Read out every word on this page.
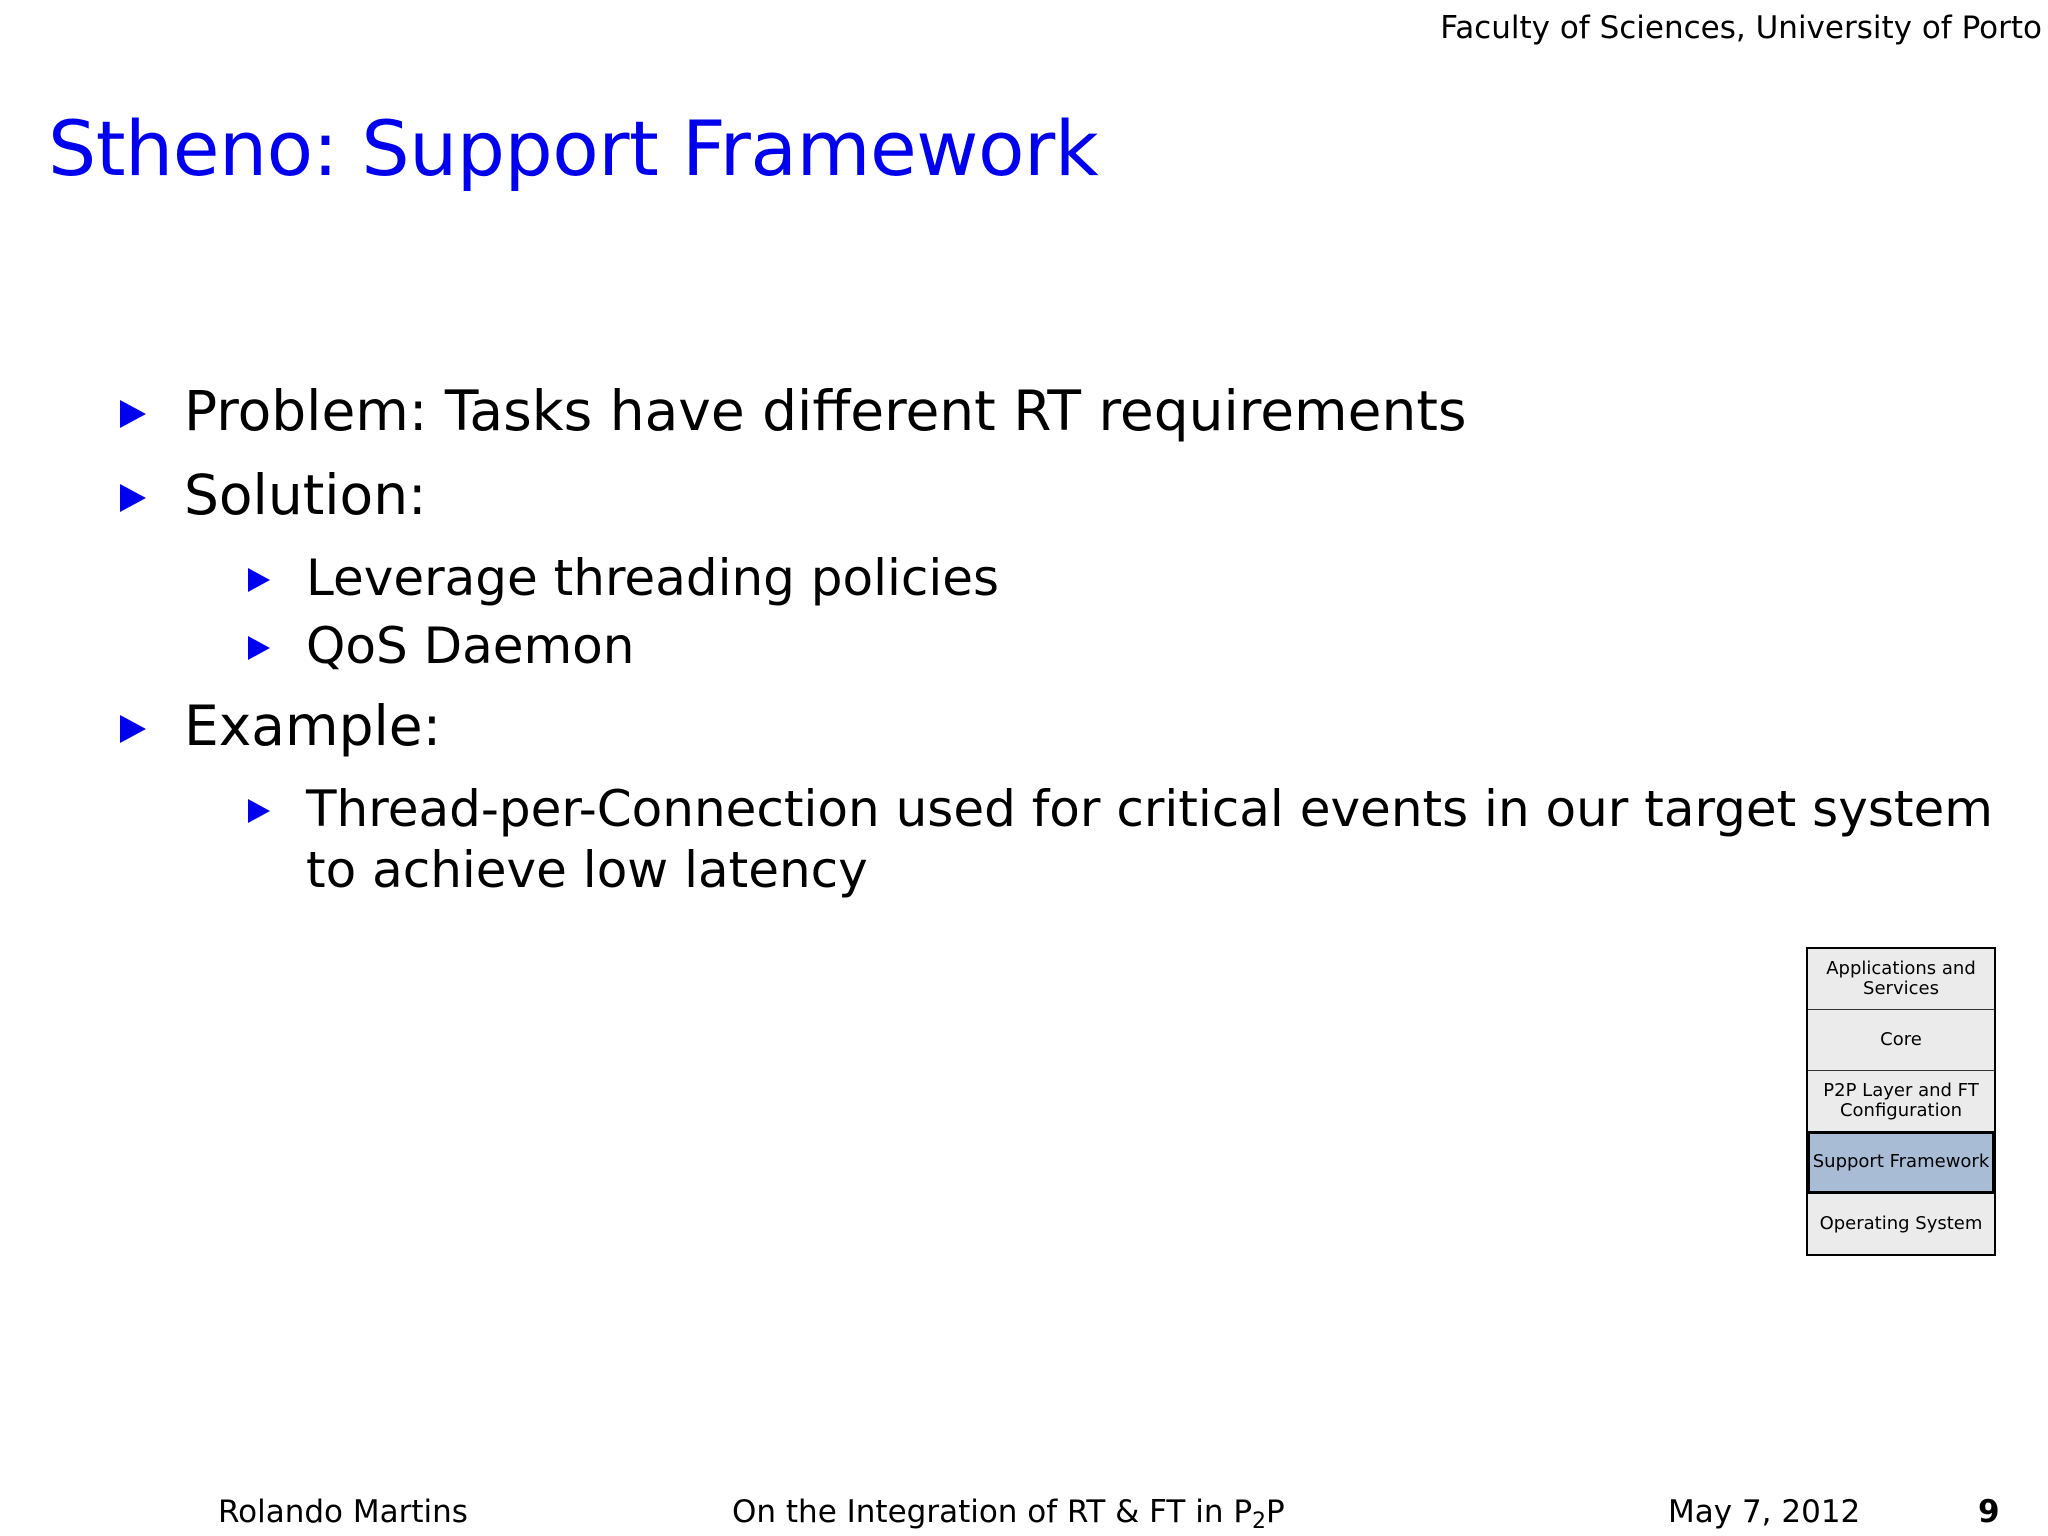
Faculty of Sciences, University of Porto
Stheno: Support Framework
Problem: Tasks have different RT requirements
Solution:
Leverage threading policies
QoS Daemon
Example:
Thread-per-Connection used for critical events in our target system to achieve low latency
Applications and Services
Core
P2P Layer and FT Configuration
Support Framework
Operating System
Rolando Martins	On the Integration of RT & FT in $P_2P$	May 7, 2012	9
